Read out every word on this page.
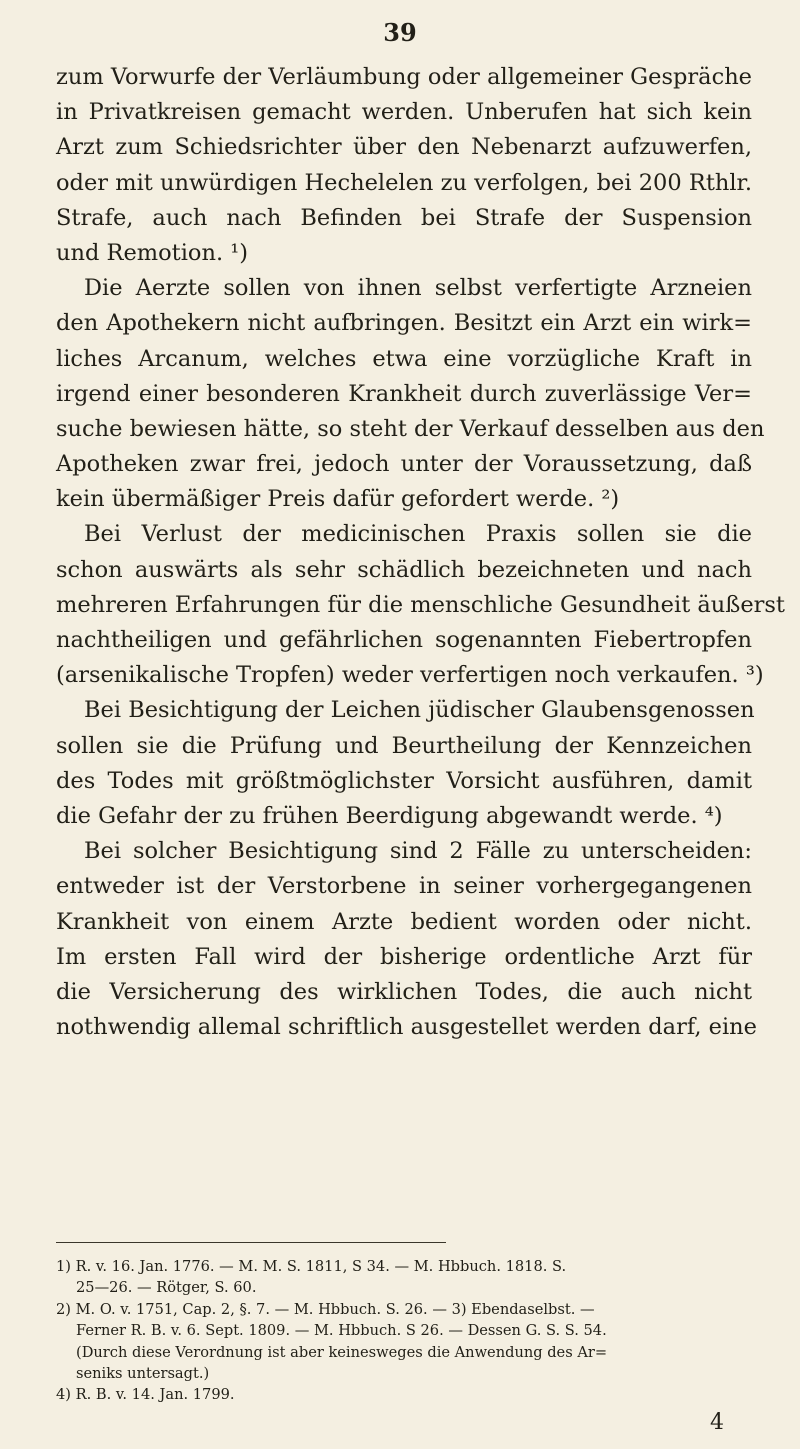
39
zum Vorwurfe der Verläumbung oder allgemeiner Gespräche
in Privatkreisen gemacht werden. Unberufen hat sich kein
Arzt zum Schiedsrichter über den Nebenarzt aufzuwerfen,
oder mit unwürdigen Hechelelen zu verfolgen, bei 200 Rthlr.
Strafe, auch nach Befinden bei Strafe der Suspension
und Remotion. ¹)
Die Aerzte sollen von ihnen selbst verfertigte Arzneien
den Apothekern nicht aufbringen. Besitzt ein Arzt ein wirk=
liches Arcanum, welches etwa eine vorzügliche Kraft in
irgend einer besonderen Krankheit durch zuverlässige Ver=
suche bewiesen hätte, so steht der Verkauf desselben aus den
Apotheken zwar frei, jedoch unter der Voraussetzung, daß
kein übermäßiger Preis dafür gefordert werde. ²)
Bei Verlust der medicinischen Praxis sollen sie die
schon auswärts als sehr schädlich bezeichneten und nach
mehreren Erfahrungen für die menschliche Gesundheit äußerst
nachtheiligen und gefährlichen sogenannten Fiebertropfen
(arsenikalische Tropfen) weder verfertigen noch verkaufen. ³)
Bei Besichtigung der Leichen jüdischer Glaubensgenossen
sollen sie die Prüfung und Beurtheilung der Kennzeichen
des Todes mit größtmöglichster Vorsicht ausführen, damit
die Gefahr der zu frühen Beerdigung abgewandt werde. ⁴)
Bei solcher Besichtigung sind 2 Fälle zu unterscheiden:
entweder ist der Verstorbene in seiner vorhergegangenen
Krankheit von einem Arzte bedient worden oder nicht.
Im ersten Fall wird der bisherige ordentliche Arzt für
die Versicherung des wirklichen Todes, die auch nicht
nothwendig allemal schriftlich ausgestellet werden darf, eine
1) R. v. 16. Jan. 1776. — M. M. S. 1811, S 34. — M. Hbbuch. 1818. S.
25—26. — Rötger, S. 60.
2) M. O. v. 1751, Cap. 2, §. 7. — M. Hbbuch. S. 26. — 3) Ebendaselbst. —
Ferner R. B. v. 6. Sept. 1809. — M. Hbbuch. S 26. — Dessen G. S. S. 54.
(Durch diese Verordnung ist aber keinesweges die Anwendung des Ar=
seniks untersagt.)
4) R. B. v. 14. Jan. 1799.
4
